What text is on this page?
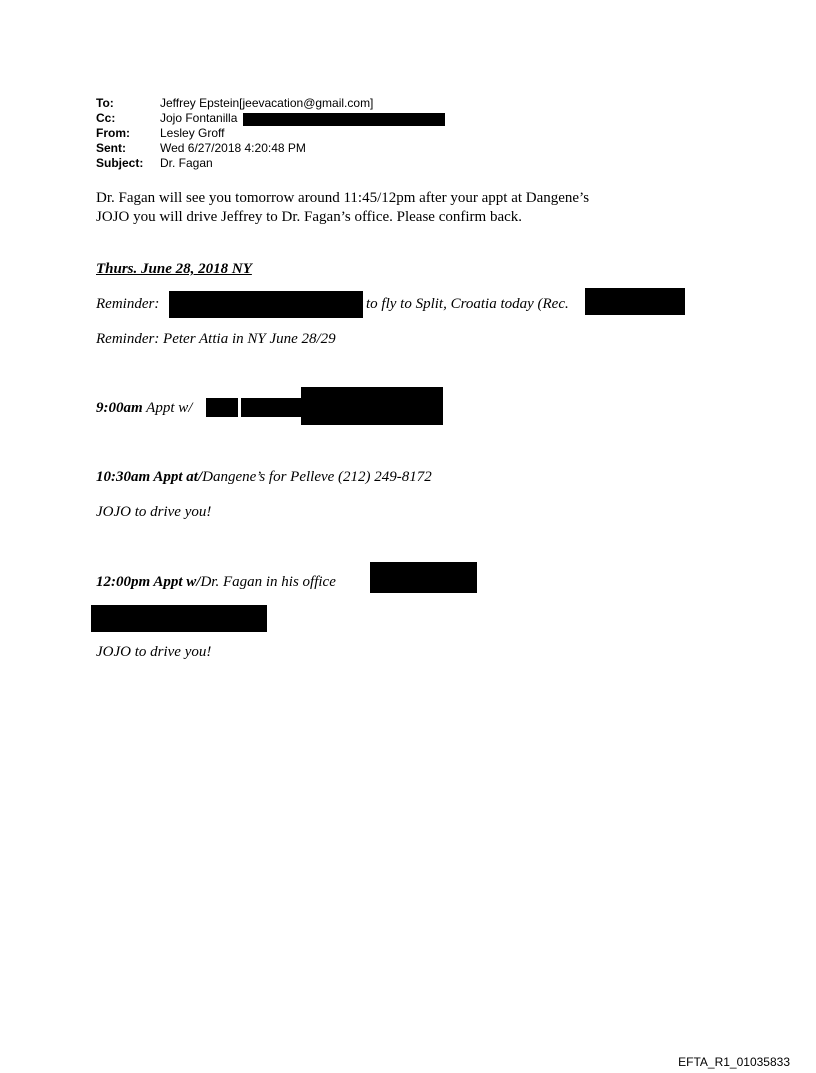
To:	Jeffrey Epstein[jeevacation@gmail.com]
Cc:	Jojo Fontanilla
From:	Lesley Groff
Sent:	Wed 6/27/2018 4:20:48 PM
Subject:	Dr. Fagan

Dr. Fagan will see you tomorrow around 11:45/12pm after your appt at Dangene’s

JOJO you will drive Jeffrey to Dr. Fagan’s office. Please confirm back.

Thurs. June 28, 2018 NY
Reminder:	to fly to Split, Croatia today (Rec.
Reminder: Peter Attia in NY June 28/29
9:00am Appt w/
10:30am Appt at/Dangene’s for Pelleve (212) 249-8172
JOJO to drive you!
12:00pm Appt w/Dr. Fagan in his office
JOJO to drive you!
EFTA_R1_01035833
